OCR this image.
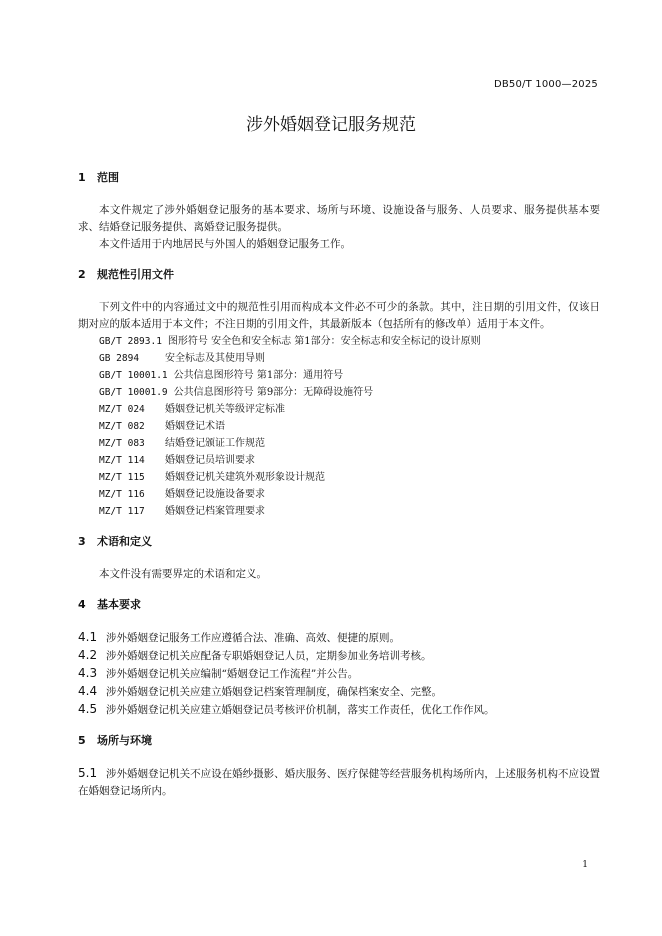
DB50/T 1000—2025
涉外婚姻登记服务规范
1 范围

本文件规定了涉外婚姻登记服务的基本要求、场所与环境、设施设备与服务、人员要求、服务提供基本要求、结婚登记服务提供、离婚登记服务提供。

本文件适用于内地居民与外国人的婚姻登记服务工作。

2 规范性引用文件

下列文件中的内容通过文中的规范性引用而构成本文件必不可少的条款。其中，注日期的引用文件，仅该日期对应的版本适用于本文件；不注日期的引用文件，其最新版本（包括所有的修改单）适用于本文件。

GB/T 2893.1 图形符号 安全色和安全标志 第1部分：安全标志和安全标记的设计原则
GB 2894	安全标志及其使用导则
GB/T 10001.1 公共信息图形符号 第1部分：通用符号
GB/T 10001.9 公共信息图形符号 第9部分：无障碍设施符号
MZ/T 024 婚姻登记机关等级评定标准
MZ/T 082 婚姻登记术语
MZ/T 083 结婚登记颁证工作规范
MZ/T 114 婚姻登记员培训要求
MZ/T 115 婚姻登记机关建筑外观形象设计规范
MZ/T 116 婚姻登记设施设备要求
MZ/T 117 婚姻登记档案管理要求
3 术语和定义

本文件没有需要界定的术语和定义。

4 基本要求
4.1 涉外婚姻登记服务工作应遵循合法、准确、高效、便捷的原则。
4.2 涉外婚姻登记机关应配备专职婚姻登记人员，定期参加业务培训考核。
4.3 涉外婚姻登记机关应编制“婚姻登记工作流程”并公告。
4.4 涉外婚姻登记机关应建立婚姻登记档案管理制度，确保档案安全、完整。
4.5 涉外婚姻登记机关应建立婚姻登记员考核评价机制，落实工作责任，优化工作作风。
5 场所与环境
5.1 涉外婚姻登记机关不应设在婚纱摄影、婚庆服务、医疗保健等经营服务机构场所内，上述服务机构不应设置在婚姻登记场所内。
1
